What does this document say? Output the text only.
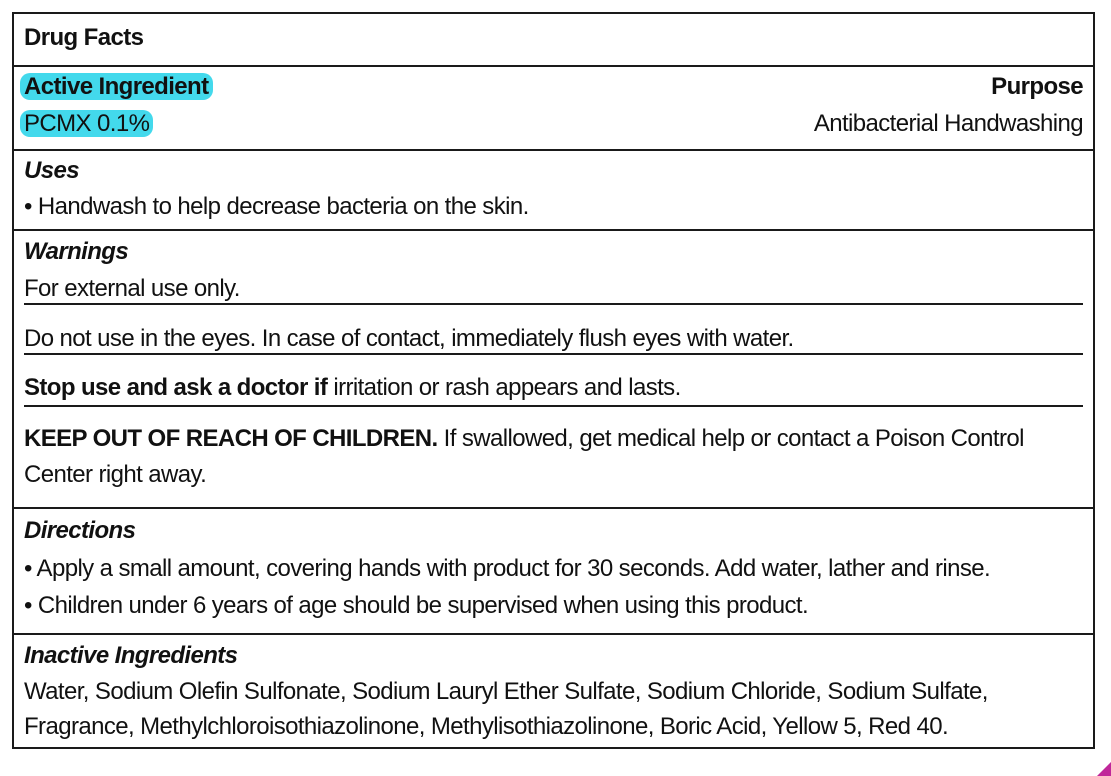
Drug Facts
Active Ingredient	Purpose
PCMX 0.1%	Antibacterial Handwashing
Uses
• Handwash to help decrease bacteria on the skin.
Warnings
For external use only.
Do not use in the eyes. In case of contact, immediately flush eyes with water.
Stop use and ask a doctor if irritation or rash appears and lasts.
KEEP OUT OF REACH OF CHILDREN. If swallowed, get medical help or contact a Poison Control
Center right away.
Directions
• Apply a small amount, covering hands with product for 30 seconds. Add water, lather and rinse.
• Children under 6 years of age should be supervised when using this product.
Inactive Ingredients
Water, Sodium Olefin Sulfonate, Sodium Lauryl Ether Sulfate, Sodium Chloride, Sodium Sulfate,
Fragrance, Methylchloroisothiazolinone, Methylisothiazolinone, Boric Acid, Yellow 5, Red 40.
